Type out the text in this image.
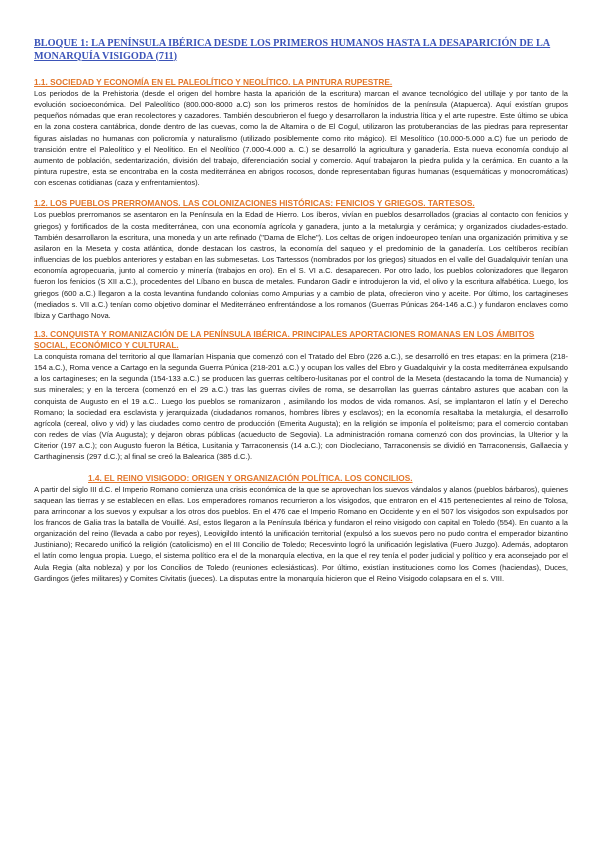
BLOQUE 1: LA PENÍNSULA IBÉRICA DESDE LOS PRIMEROS HUMANOS HASTA LA DESAPARICIÓN DE LA MONARQUÍA VISIGODA (711)
1.1. SOCIEDAD Y ECONOMÍA EN EL PALEOLÍTICO Y NEOLÍTICO. LA PINTURA RUPESTRE.

Los periodos de la Prehistoria (desde el origen del hombre hasta la aparición de la escritura) marcan el avance tecnológico del utillaje y por tanto de la evolución socioeconómica. Del Paleolítico (800.000-8000 a.C) son los primeros restos de homínidos de la península (Atapuerca). Aquí existían grupos pequeños nómadas que eran recolectores y cazadores. También descubrieron el fuego y desarrollaron la industria lítica y el arte rupestre. Este último se ubica en la zona costera cantábrica, donde dentro de las cuevas, como la de Altamira o de El Cogul, utilizaron las protuberancias de las piedras para representar figuras aisladas no humanas con policromía y naturalismo (utilizado posiblemente como rito mágico). El Mesolítico (10.000-5.000 a.C) fue un periodo de transición entre el Paleolítico y el Neolítico. En el Neolítico (7.000-4.000 a. C.) se desarrolló la agricultura y ganadería. Esta nueva economía condujo al aumento de población, sedentarización, división del trabajo, diferenciación social y comercio. Aquí trabajaron la piedra pulida y la cerámica. En cuanto a la pintura rupestre, esta se encontraba en la costa mediterránea en abrigos rocosos, donde representaban figuras humanas (esquemáticas y monocromáticas) con escenas cotidianas (caza y enfrentamientos).

1.2. LOS PUEBLOS PRERROMANOS. LAS COLONIZACIONES HISTÓRICAS: FENICIOS Y GRIEGOS. TARTESOS.

Los pueblos prerromanos se asentaron en la Península en la Edad de Hierro. Los íberos, vivían en pueblos desarrollados (gracias al contacto con fenicios y griegos) y fortificados de la costa mediterránea, con una economía agrícola y ganadera, junto a la metalurgia y cerámica; y organizados ciudades-estado. También desarrollaron la escritura, una moneda y un arte refinado ("Dama de Elche"). Los celtas de origen indoeuropeo tenían una organización primitiva y se asilaron en la Meseta y costa atlántica, donde destacan los castros, la economía del saqueo y el predominio de la ganadería. Los celtíberos recibían influencias de los pueblos anteriores y estaban en las submesetas. Los Tartessos (nombrados por los griegos) situados en el valle del Guadalquivir tenían una economía agropecuaria, junto al comercio y minería (trabajos en oro). En el S. VI a.C. desaparecen. Por otro lado, los pueblos colonizadores que llegaron fueron los fenicios (S XII a.C.), procedentes del Líbano en busca de metales. Fundaron Gadir e introdujeron la vid, el olivo y la escritura alfabética. Luego, los griegos (600 a.C.) llegaron a la costa levantina fundando colonias como Ampurias y a cambio de plata, ofrecieron vino y aceite. Por último, los cartagineses (mediados s. VII a.C.) tenían como objetivo dominar el Mediterráneo enfrentándose a los romanos (Guerras Púnicas 264-146 a.C.) y fundaron enclaves como Ibiza y Carthago Nova.

1.3. CONQUISTA Y ROMANIZACIÓN DE LA PENÍNSULA IBÉRICA. PRINCIPALES APORTACIONES ROMANAS EN LOS ÁMBITOS SOCIAL, ECONÓMICO Y CULTURAL.

La conquista romana del territorio al que llamarían Hispania que comenzó con el Tratado del Ebro (226 a.C.), se desarrolló en tres etapas: en la primera (218- 154 a.C.), Roma vence a Cartago en la segunda Guerra Púnica (218-201 a.C.) y ocupan los valles del Ebro y Guadalquivir y la costa mediterránea expulsando a los cartagineses; en la segunda (154-133 a.C.) se producen las guerras celtíbero-lusitanas por el control de la Meseta (destacando la toma de Numancia) y sus minerales; y en la tercera (comenzó en el 29 a.C.) tras las guerras civiles de roma, se desarrollan las guerras cántabro astures que acaban con la conquista de Augusto en el 19 a.C.. Luego los pueblos se romanizaron , asimilando los modos de vida romanos. Así, se implantaron el latín y el Derecho Romano; la sociedad era esclavista y jerarquizada (ciudadanos romanos, hombres libres y esclavos); en la economía resaltaba la metalurgia, el desarrollo agrícola (cereal, olivo y vid) y las ciudades como centro de producción (Emerita Augusta); en la religión se imponía el politeísmo; para el comercio contaban con redes de vías (Vía Augusta); y dejaron obras públicas (acueducto de Segovia). La administración romana comenzó con dos provincias, la Ulterior y la Citerior (197 a.C.); con Augusto fueron la Bética, Lusitania y Tarraconensis (14 a.C.); con Diocleciano, Tarraconensis se dividió en Tarraconensis, Gallaecia y Carthaginensis (297 d.C.); al final se creó la Balearica (385 d.C.).

1.4. EL REINO VISIGODO: ORIGEN Y ORGANIZACIÓN POLÍTICA. LOS CONCILIOS.

A partir del siglo III d.C. el Imperio Romano comienza una crisis económica de la que se aprovechan los suevos vándalos y alanos (pueblos bárbaros), quienes saquean las tierras y se establecen en ellas. Los emperadores romanos recurrieron a los visigodos, que entraron en el 415 pertenecientes al reino de Tolosa, para arrinconar a los suevos y expulsar a los otros dos pueblos. En el 476 cae el Imperio Romano en Occidente y en el 507 los visigodos son expulsados por los francos de Galia tras la batalla de Vouillé. Así, estos llegaron a la Península Ibérica y fundaron el reino visigodo con capital en Toledo (554). En cuanto a la organización del reino (llevada a cabo por reyes), Leovigildo intentó la unificación territorial (expulsó a los suevos pero no pudo contra el emperador bizantino Justiniano); Recaredo unificó la religión (catolicismo) en el III Concilio de Toledo; Recesvinto logró la unificación legislativa (Fuero Juzgo). Además, adoptaron el latín como lengua propia. Luego, el sistema político era el de la monarquía electiva, en la que el rey tenía el poder judicial y político y era aconsejado por el Aula Regia (alta nobleza) y por los Concilios de Toledo (reuniones eclesiásticas). Por último, existían instituciones como los Comes (haciendas), Duces, Gardingos (jefes militares) y Comites Civitatis (jueces). La disputas entre la monarquía hicieron que el Reino Visigodo colapsara en el s. VIII.
